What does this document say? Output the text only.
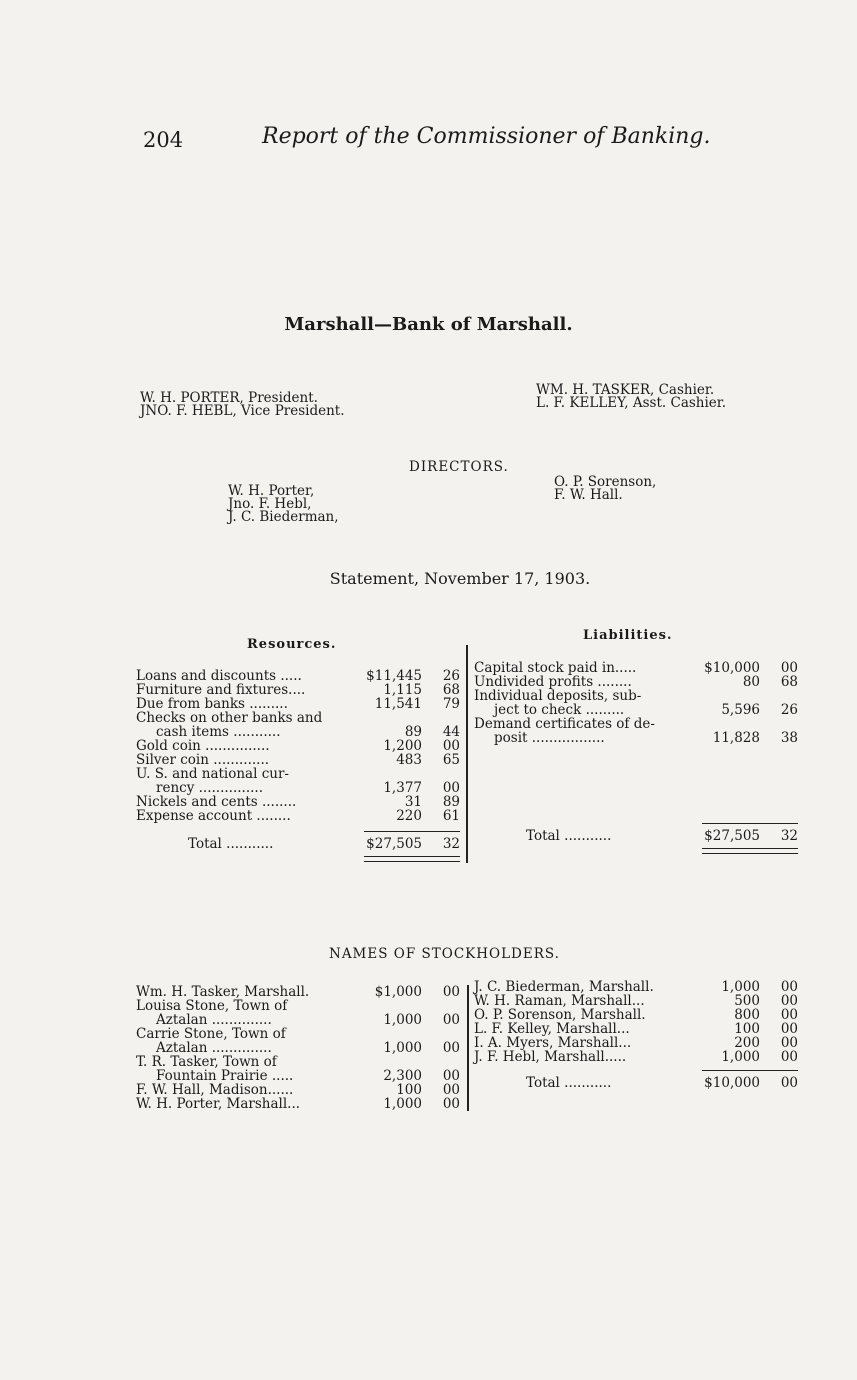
204	Report of the Commissioner of Banking.
Marshall—Bank of Marshall.
W. H. PORTER, President.
JNO. F. HEBL, Vice President.
WM. H. TASKER, Cashier.
L. F. KELLEY, Asst. Cashier.
DIRECTORS.
W. H. Porter,
Jno. F. Hebl,
J. C. Biederman,
O. P. Sorenson,
F. W. Hall.
Statement, November 17, 1903.
Resources.
Liabilities.
Loans and discounts .....	$11,445	26
Furniture and fixtures....	1,115	68
Due from banks .........	11,541	79
Checks on other banks and
cash items ...........	89	44
Gold coin ...............	1,200	00
Silver coin .............	483	65
U. S. and national cur-
rency ...............	1,377	00
Nickels and cents ........	31	89
Expense account ........	220	61
Total ...........	$27,505	32
Capital stock paid in.....	$10,000	00
Undivided profits ........	80	68
Individual deposits, sub-
ject to check .........	5,596	26
Demand certificates of de-
posit .................	11,828	38
Total ...........	$27,505	32
NAMES OF STOCKHOLDERS.
Wm. H. Tasker, Marshall.	$1,000	00
Louisa Stone, Town of
Aztalan ..............	1,000	00
Carrie Stone, Town of
Aztalan ..............	1,000	00
T. R. Tasker, Town of
Fountain Prairie .....	2,300	00
F. W. Hall, Madison......	100	00
W. H. Porter, Marshall...	1,000	00
J. C. Biederman, Marshall.	1,000	00
W. H. Raman, Marshall...	500	00
O. P. Sorenson, Marshall.	800	00
L. F. Kelley, Marshall...	100	00
I. A. Myers, Marshall...	200	00
J. F. Hebl, Marshall.....	1,000	00
Total ...........	$10,000	00
